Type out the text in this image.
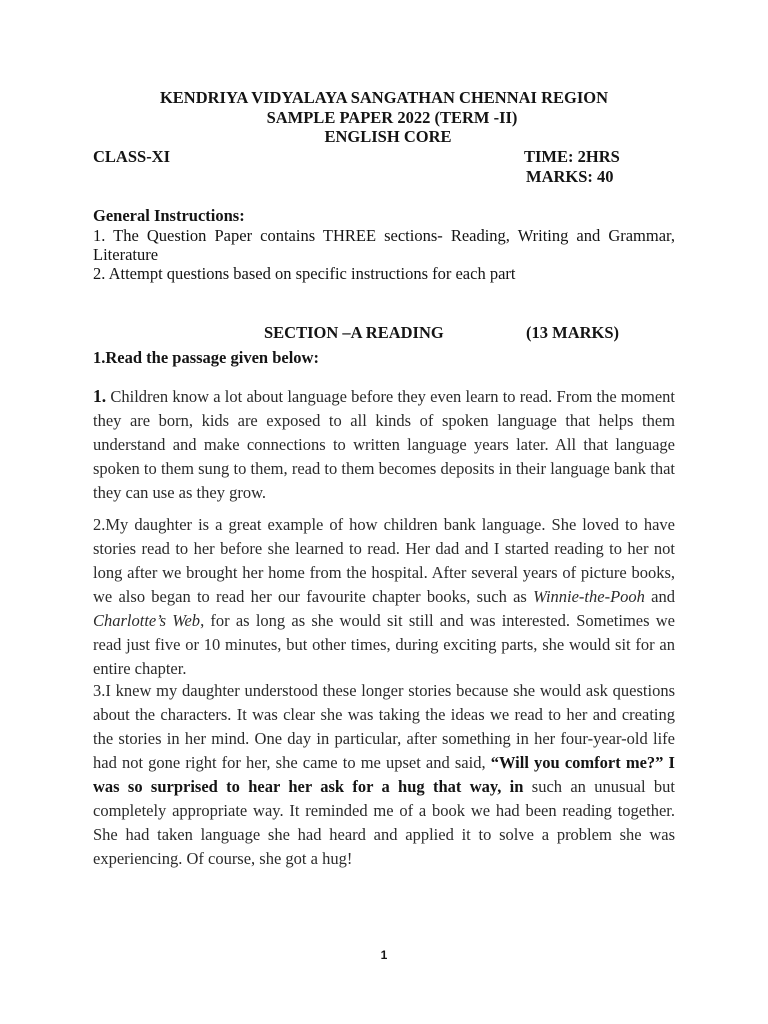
KENDRIYA VIDYALAYA SANGATHAN CHENNAI REGION
SAMPLE PAPER 2022 (TERM -II)
ENGLISH CORE
CLASS-XI	TIME: 2HRS
MARKS: 40
General Instructions:
1. The Question Paper contains THREE sections- Reading, Writing and Grammar, Literature
2. Attempt questions based on specific instructions for each part
SECTION –A READING	(13 MARKS)
1.Read the passage given below:
1. Children know a lot about language before they even learn to read. From the moment they are born, kids are exposed to all kinds of spoken language that helps them understand and make connections to written language years later. All that language spoken to them sung to them, read to them becomes deposits in their language bank that they can use as they grow.
2.My daughter is a great example of how children bank language. She loved to have stories read to her before she learned to read. Her dad and I started reading to her not long after we brought her home from the hospital. After several years of picture books, we also began to read her our favourite chapter books, such as Winnie-the-Pooh and Charlotte’s Web, for as long as she would sit still and was interested. Sometimes we read just five or 10 minutes, but other times, during exciting parts, she would sit for an entire chapter.
3.I knew my daughter understood these longer stories because she would ask questions about the characters. It was clear she was taking the ideas we read to her and creating the stories in her mind. One day in particular, after something in her four-year-old life had not gone right for her, she came to me upset and said, “Will you comfort me?” I was so surprised to hear her ask for a hug that way, in such an unusual but completely appropriate way. It reminded me of a book we had been reading together. She had taken language she had heard and applied it to solve a problem she was experiencing. Of course, she got a hug!
1
